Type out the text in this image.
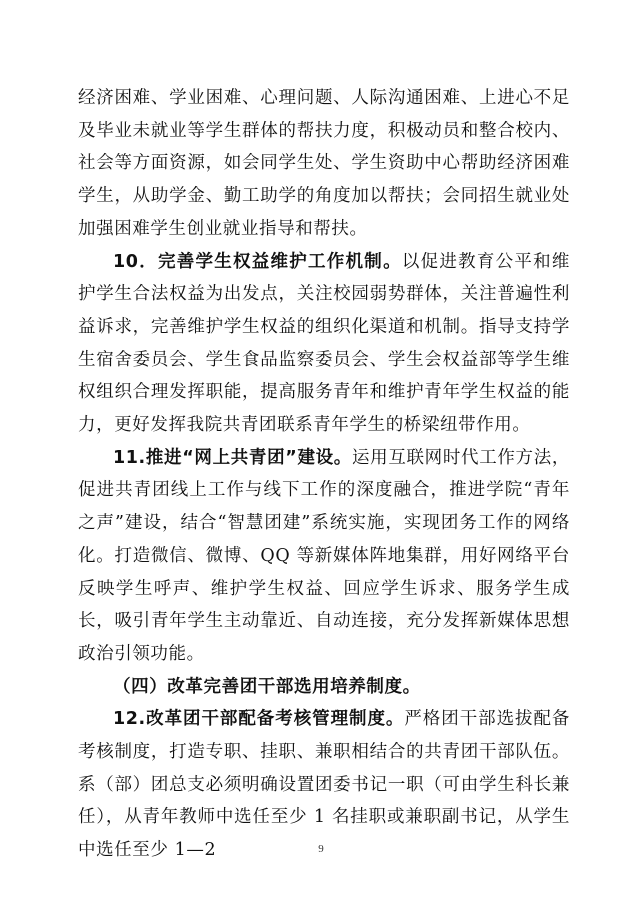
经济困难、学业困难、心理问题、人际沟通困难、上进心不足及毕业未就业等学生群体的帮扶力度，积极动员和整合校内、社会等方面资源，如会同学生处、学生资助中心帮助经济困难学生，从助学金、勤工助学的角度加以帮扶；会同招生就业处加强困难学生创业就业指导和帮扶。

10．完善学生权益维护工作机制。以促进教育公平和维护学生合法权益为出发点，关注校园弱势群体，关注普遍性利益诉求，完善维护学生权益的组织化渠道和机制。指导支持学生宿舍委员会、学生食品监察委员会、学生会权益部等学生维权组织合理发挥职能，提高服务青年和维护青年学生权益的能力，更好发挥我院共青团联系青年学生的桥梁纽带作用。

11.推进“网上共青团”建设。运用互联网时代工作方法，促进共青团线上工作与线下工作的深度融合，推进学院“青年之声”建设，结合“智慧团建”系统实施，实现团务工作的网络化。打造微信、微博、QQ 等新媒体阵地集群，用好网络平台反映学生呼声、维护学生权益、回应学生诉求、服务学生成长，吸引青年学生主动靠近、自动连接，充分发挥新媒体思想政治引领功能。

（四）改革完善团干部选用培养制度。

12.改革团干部配备考核管理制度。严格团干部选拔配备考核制度，打造专职、挂职、兼职相结合的共青团干部队伍。系（部）团总支必须明确设置团委书记一职（可由学生科长兼任），从青年教师中选任至少 1 名挂职或兼职副书记，从学生中选任至少 1—2	9
